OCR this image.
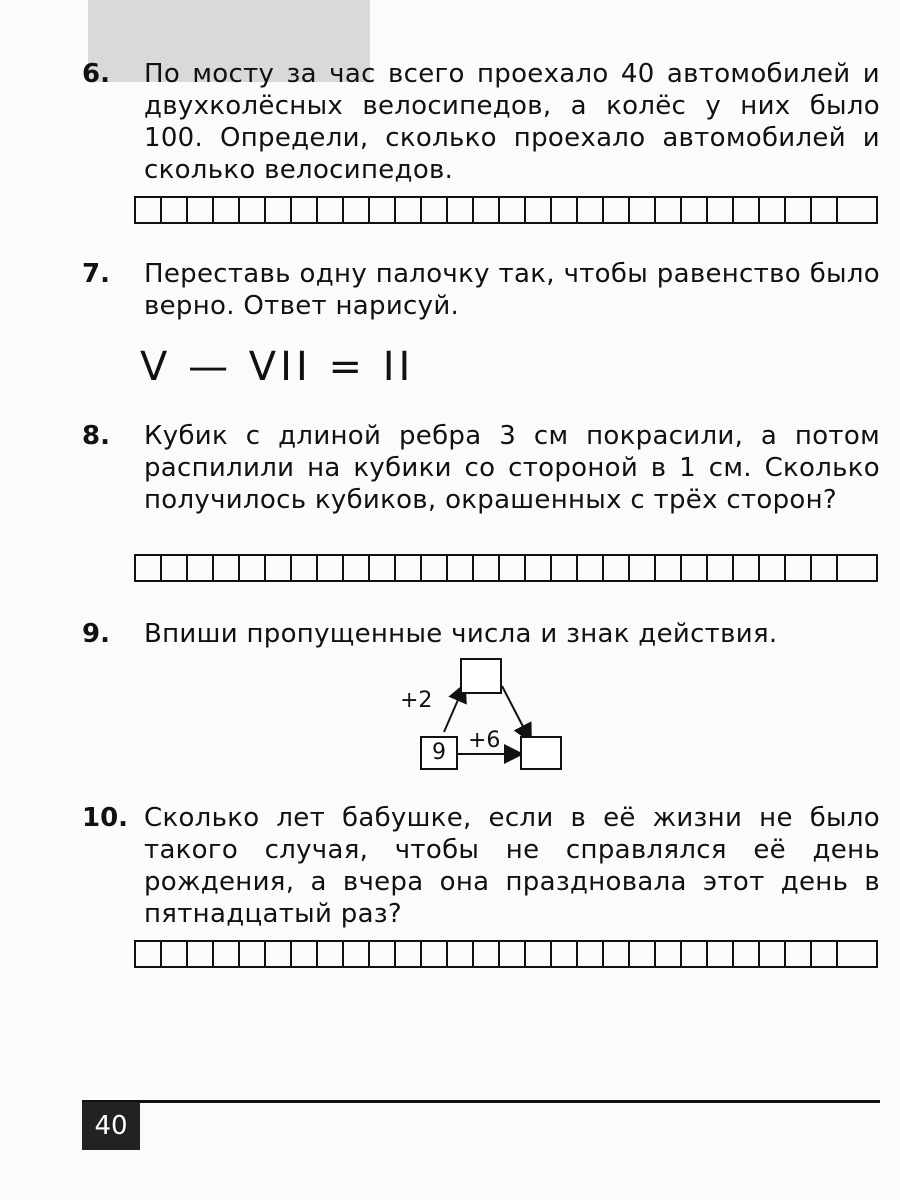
6. По мосту за час всего проехало 40 автомобилей и двухколёсных велосипедов, а колёс у них было 100. Определи, сколько проехало автомобилей и сколько велосипедов.
7. Переставь одну палочку так, чтобы равенство было верно. Ответ нарисуй.
V — VII = II
8. Кубик с длиной ребра 3 см покрасили, а потом распилили на кубики со стороной в 1 см. Сколько получилось кубиков, окрашенных с трёх сторон?
9. Впиши пропущенные числа и знак действия.
9
+2
+6
10. Сколько лет бабушке, если в её жизни не было такого случая, чтобы не справлялся её день рождения, а вчера она праздновала этот день в пятнадцатый раз?
40
